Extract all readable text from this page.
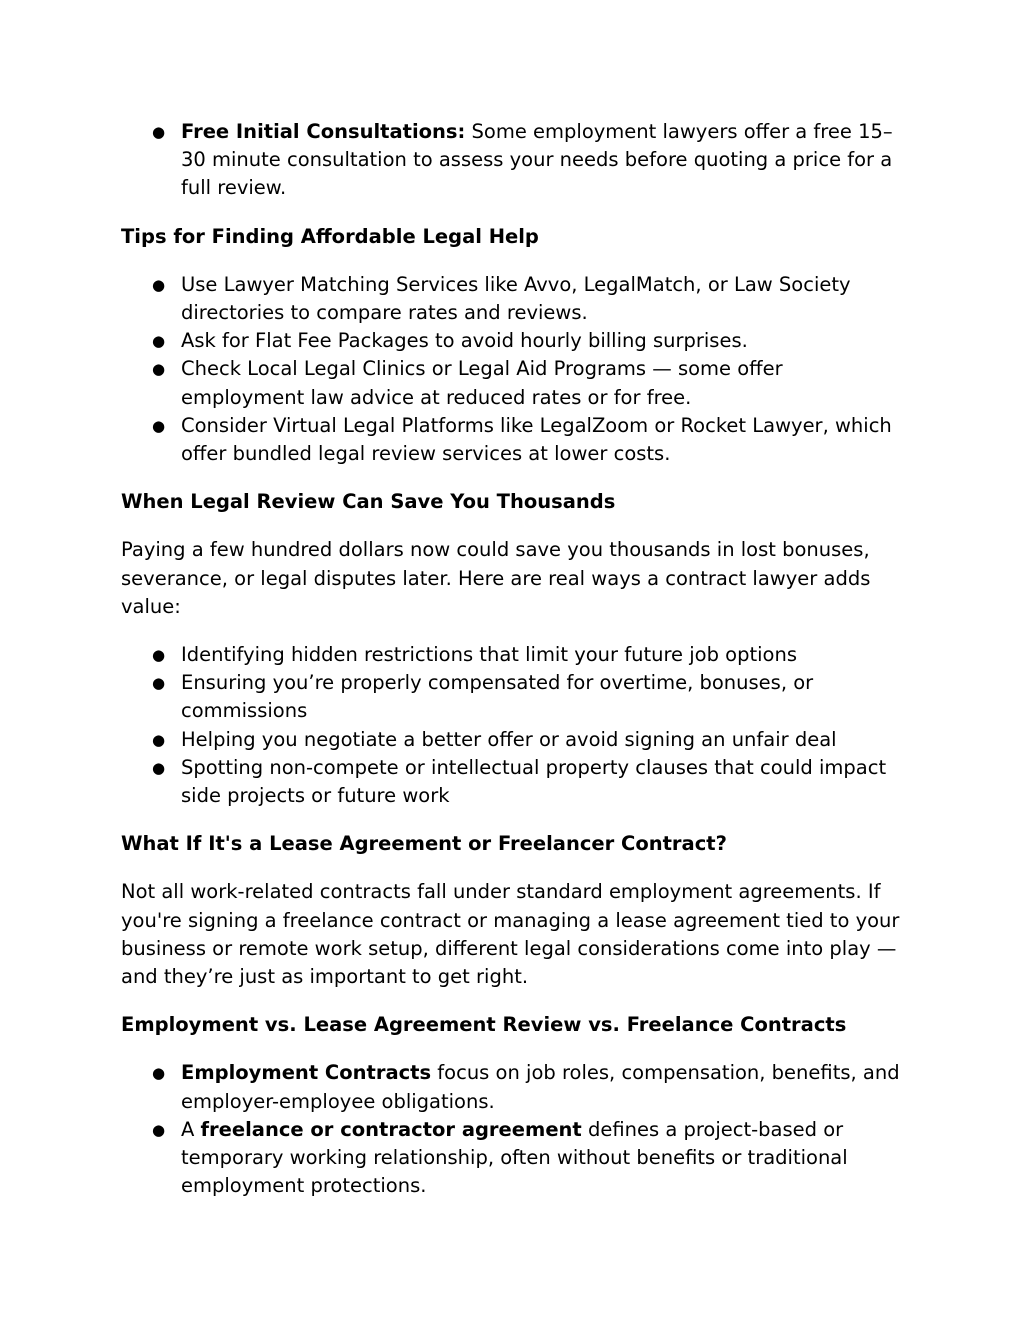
● Free Initial Consultations: Some employment lawyers offer a free 15–30 minute consultation to assess your needs before quoting a price for a full review.

Tips for Finding Affordable Legal Help

● Use Lawyer Matching Services like Avvo, LegalMatch, or Law Society directories to compare rates and reviews.
● Ask for Flat Fee Packages to avoid hourly billing surprises.
● Check Local Legal Clinics or Legal Aid Programs — some offer employment law advice at reduced rates or for free.
● Consider Virtual Legal Platforms like LegalZoom or Rocket Lawyer, which offer bundled legal review services at lower costs.

When Legal Review Can Save You Thousands

Paying a few hundred dollars now could save you thousands in lost bonuses, severance, or legal disputes later. Here are real ways a contract lawyer adds value:

● Identifying hidden restrictions that limit your future job options
● Ensuring you’re properly compensated for overtime, bonuses, or commissions
● Helping you negotiate a better offer or avoid signing an unfair deal
● Spotting non-compete or intellectual property clauses that could impact side projects or future work

What If It's a Lease Agreement or Freelancer Contract?

Not all work-related contracts fall under standard employment agreements. If you're signing a freelance contract or managing a lease agreement tied to your business or remote work setup, different legal considerations come into play — and they’re just as important to get right.

Employment vs. Lease Agreement Review vs. Freelance Contracts

● Employment Contracts focus on job roles, compensation, benefits, and employer-employee obligations.
● A freelance or contractor agreement defines a project-based or temporary working relationship, often without benefits or traditional employment protections.
